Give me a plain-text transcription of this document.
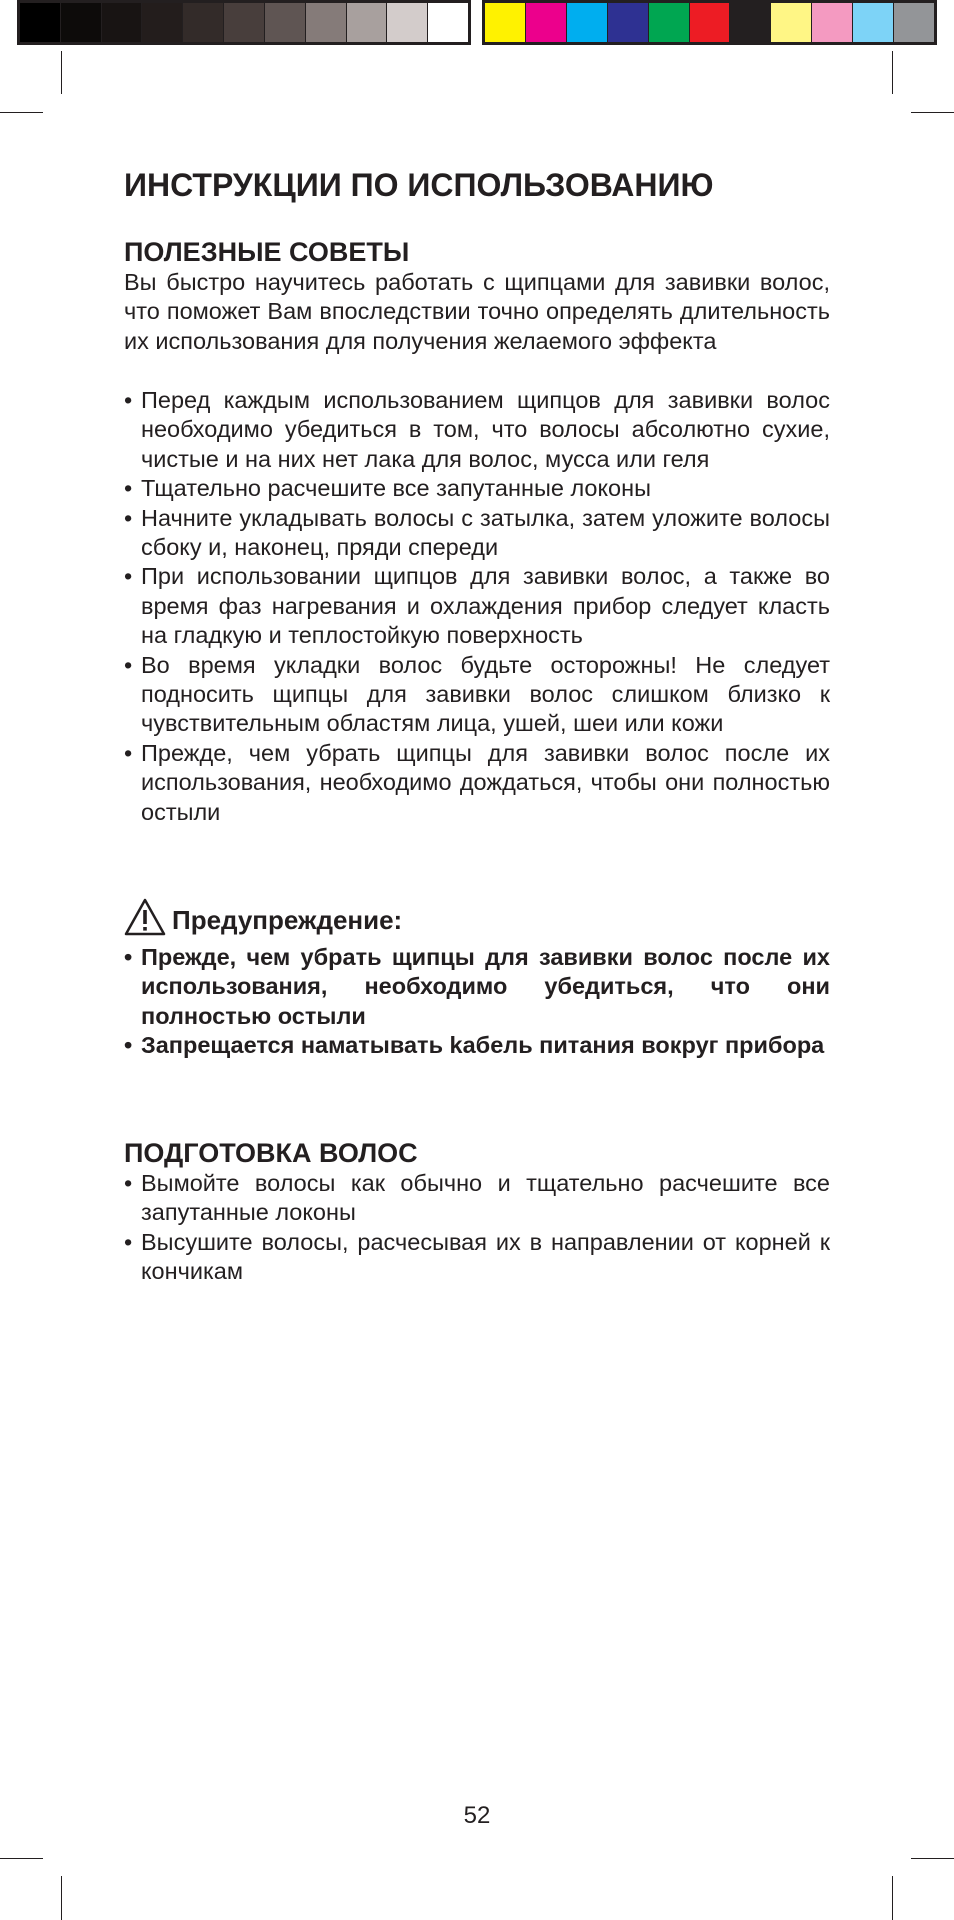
ИНСТРУКЦИИ ПО ИСПОЛЬЗОВАНИЮ
ПОЛЕЗНЫЕ СОВЕТЫ
Вы быстро научитесь работать с щипцами для завивки волос, что поможет Вам впоследствии точно определять длительность их использования для получения желаемого эффекта
• Перед каждым использованием щипцов для завивки волос необходимо убедиться в том, что волосы абсолютно сухие, чистые и на них нет лака для волос, мусса или геля
• Тщательно расчешите все запутанные локоны
• Начните укладывать волосы с затылка, затем уложите волосы сбоку и, наконец, пряди спереди
• При использовании щипцов для завивки волос, а также во время фаз нагревания и охлаждения прибор следует класть на гладкую и теплостойкую поверхность
• Во время укладки волос будьте осторожны! Не следует подносить щипцы для завивки волос слишком близко к чувствительным областям лица, ушей, шеи или кожи
• Прежде, чем убрать щипцы для завивки волос после их использования, необходимо дождаться, чтобы они полностью остыли
Предупреждение:
• Прежде, чем убрать щипцы для завивки волос после их использования, необходимо убедиться, что они полностью остыли
• Запрещается наматывать kабель питания вокруг прибора
ПОДГОТОВКА ВОЛОС
• Вымойте волосы как обычно и тщательно расчешите все запутанные локоны
• Высушите волосы, расчесывая их в направлении от корней к кончикам
52
